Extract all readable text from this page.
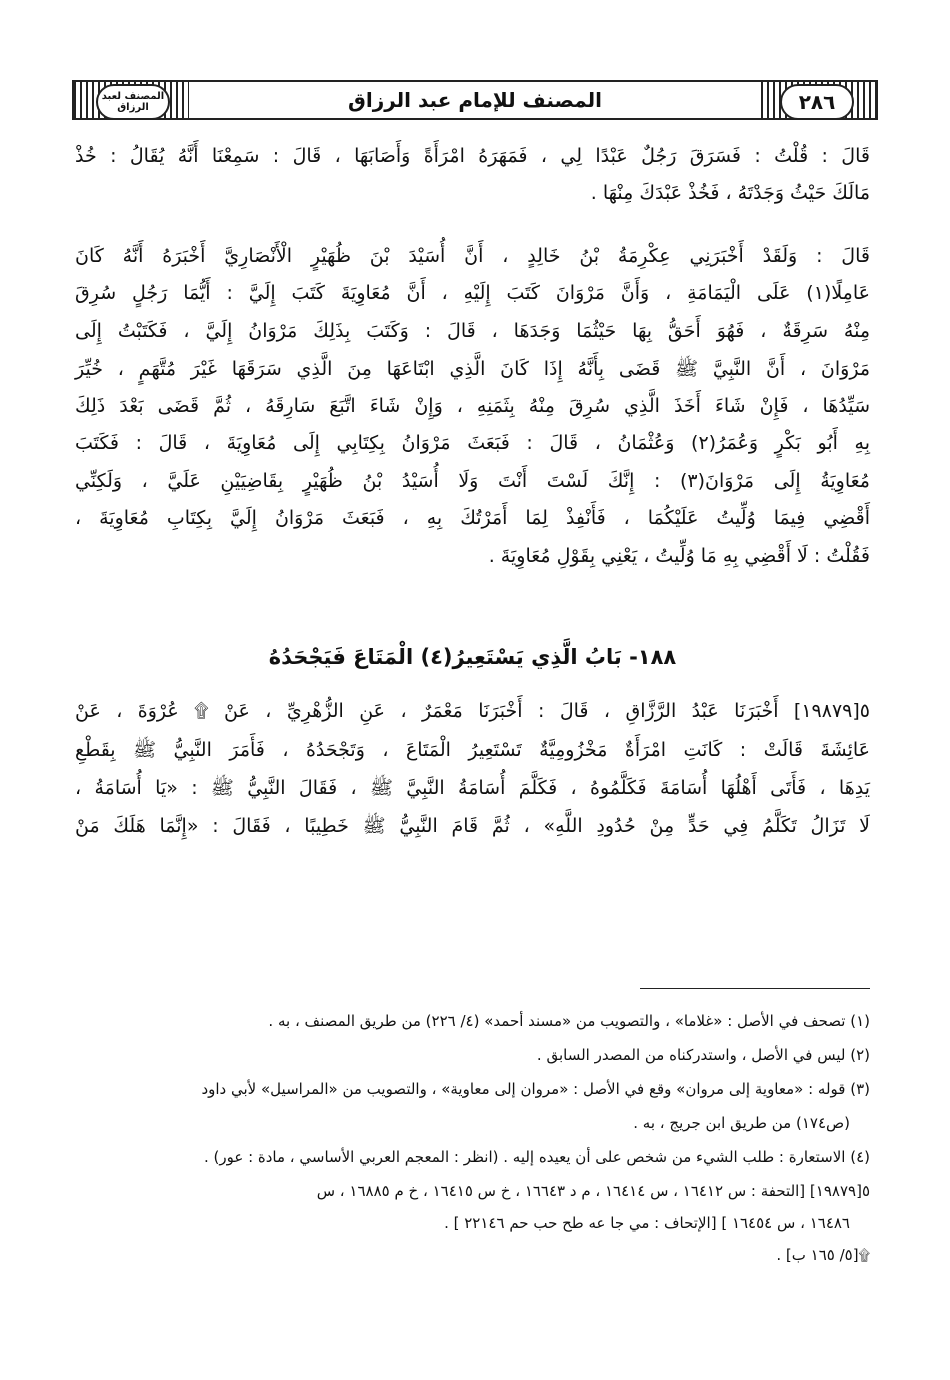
٢٨٦
المصنف لعبد الرزاق	المصنف للإمام عبد الرزاق
١٨٨- بَابُ الَّذِي يَسْتَعِيرُ(٤) الْمَتَاعَ فَيَجْحَدُهُ
قَالَ : قُلْتُ : فَسَرَقَ رَجُلٌ عَبْدًا لِي ، فَمَهَرَهُ امْرَأَةً وَأَصَابَهَا ، قَالَ : سَمِعْنَا أَنَّهُ يُقَالُ : خُذْ
مَالَكَ حَيْثُ وَجَدْتَهُ ، فَخُذْ عَبْدَكَ مِنْهَا .
قَالَ : وَلَقَدْ أَخْبَرَنِي عِكْرِمَةُ بْنُ خَالِدٍ ، أَنَّ أُسَيْدَ بْنَ ظُهَيْرٍ الْأَنْصَارِيَّ أَخْبَرَهُ أَنَّهُ كَانَ
عَامِلًا(١) عَلَى الْيَمَامَةِ ، وَأَنَّ مَرْوَانَ كَتَبَ إِلَيْهِ ، أَنَّ مُعَاوِيَةَ كَتَبَ إِلَيَّ : أَيُّمَا رَجُلٍ سُرِقَ
مِنْهُ سَرِقَةٌ ، فَهُوَ أَحَقُّ بِهَا حَيْثُمَا وَجَدَهَا ، قَالَ : وَكَتَبَ بِذَلِكَ مَرْوَانُ إِلَيَّ ، فَكَتَبْتُ إِلَى
مَرْوَانَ ، أَنَّ النَّبِيَّ ﷺ قَضَى بِأَنَّهُ إِذَا كَانَ الَّذِي ابْتَاعَهَا مِنَ الَّذِي سَرَقَهَا غَيْرَ مُتَّهَمٍ ، خُيِّرَ
سَيِّدُهَا ، فَإِنْ شَاءَ أَخَذَ الَّذِي سُرِقَ مِنْهُ بِثَمَنِهِ ، وَإِنْ شَاءَ اتَّبَعَ سَارِقَهُ ، ثُمَّ قَضَى بَعْدَ ذَلِكَ
بِهِ أَبُو بَكْرٍ وَعُمَرُ(٢) وَعُثْمَانُ ، قَالَ : فَبَعَثَ مَرْوَانُ بِكِتَابِي إِلَى مُعَاوِيَةَ ، قَالَ : فَكَتَبَ
مُعَاوِيَةُ إِلَى مَرْوَانَ(٣) : إِنَّكَ لَسْتَ أَنْتَ وَلَا أُسَيْدُ بْنُ ظُهَيْرٍ بِقَاضِيَيْنِ عَلَيَّ ، وَلَكِنِّي
أَقْضِي فِيمَا وُلِّيتُ عَلَيْكُمَا ، فَأَنْفِذْ لِمَا أَمَرْتُكَ بِهِ ، فَبَعَثَ مَرْوَانُ إِلَيَّ بِكِتَابِ مُعَاوِيَةَ ،
فَقُلْتُ : لَا أَقْضِي بِهِ مَا وُلِّيتُ ، يَعْنِي بِقَوْلِ مُعَاوِيَةَ .
٥[١٩٨٧٩] أَخْبَرَنَا عَبْدُ الرَّزَّاقِ ، قَالَ : أَخْبَرَنَا مَعْمَرٌ ، عَنِ الزُّهْرِيِّ ، عَنْ ۩ عُرْوَةَ ، عَنْ
عَائِشَةَ قَالَتْ : كَانَتِ امْرَأَةٌ مَخْزُومِيَّةٌ تَسْتَعِيرُ الْمَتَاعَ ، وَتَجْحَدُهُ ، فَأَمَرَ النَّبِيُّ ﷺ بِقَطْعِ
يَدِهَا ، فَأَتَى أَهْلُهَا أُسَامَةَ فَكَلَّمُوهُ ، فَكَلَّمَ أُسَامَةُ النَّبِيَّ ﷺ ، فَقَالَ النَّبِيُّ ﷺ : «يَا أُسَامَةُ ،
لَا تَزَالُ تَكَلَّمُ فِي حَدٍّ مِنْ حُدُودِ اللَّهِ» ، ثُمَّ قَامَ النَّبِيُّ ﷺ خَطِيبًا ، فَقَالَ : «إِنَّمَا هَلَكَ مَنْ
(١) تصحف في الأصل : «غلاما» ، والتصويب من «مسند أحمد» (٤/ ٢٢٦) من طريق المصنف ، به .
(٢) ليس في الأصل ، واستدركناه من المصدر السابق .
(٣) قوله : «معاوية إلى مروان» وقع في الأصل : «مروان إلى معاوية» ، والتصويب من «المراسيل» لأبي داود
(ص١٧٤) من طريق ابن جريج ، به .
(٤) الاستعارة : طلب الشيء من شخص على أن يعيده إليه . (انظر : المعجم العربي الأساسي ، مادة : عور) .
٥[١٩٨٧٩] [التحفة : س ١٦٤١٢ ، س ١٦٤١٤ ، م د ١٦٦٤٣ ، خ س ١٦٤١٥ ، خ م ١٦٨٨٥ ، س
١٦٤٨٦ ، س ١٦٤٥٤ ] [الإتحاف : مي جا عه طح حب حم ٢٢١٤٦ ] .
۩[٥/ ١٦٥ ب] .
